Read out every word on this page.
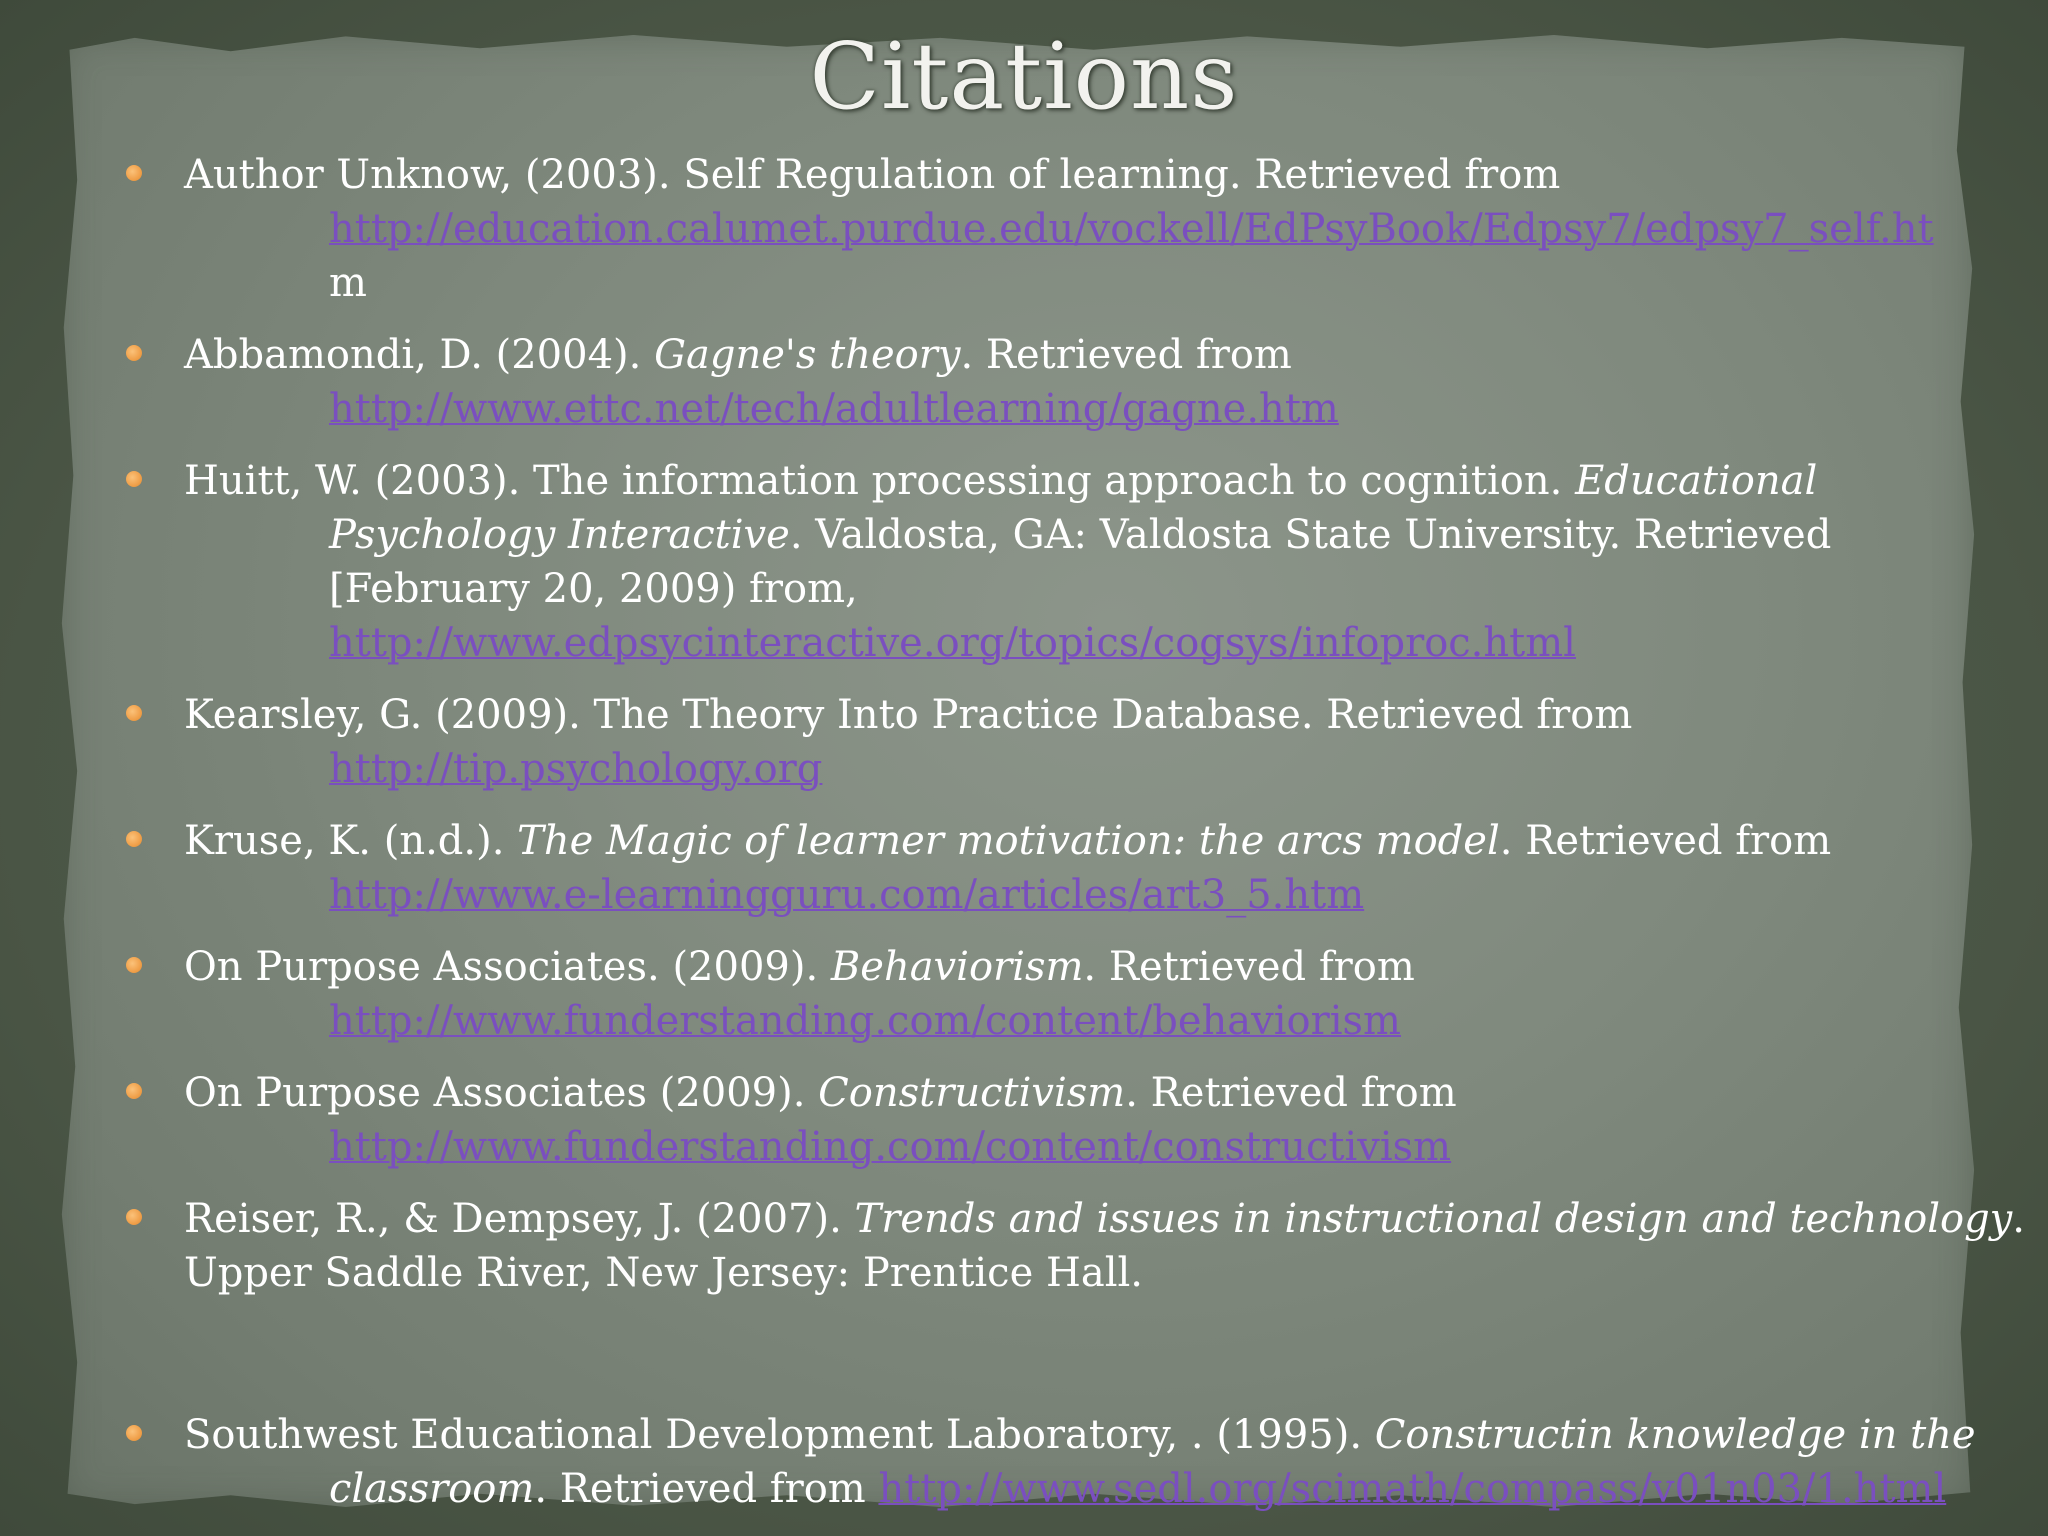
Citations
Author Unknow, (2003). Self Regulation of learning. Retrieved from
http://education.calumet.purdue.edu/vockell/EdPsyBook/Edpsy7/edpsy7_self.ht
m
Abbamondi, D. (2004). Gagne's theory. Retrieved from
http://www.ettc.net/tech/adultlearning/gagne.htm
Huitt, W. (2003). The information processing approach to cognition. Educational
Psychology Interactive. Valdosta, GA: Valdosta State University. Retrieved
[February 20, 2009) from,
http://www.edpsycinteractive.org/topics/cogsys/infoproc.html
Kearsley, G. (2009). The Theory Into Practice Database. Retrieved from
http://tip.psychology.org
Kruse, K. (n.d.). The Magic of learner motivation: the arcs model. Retrieved from
http://www.e-learningguru.com/articles/art3_5.htm
On Purpose Associates. (2009). Behaviorism. Retrieved from
http://www.funderstanding.com/content/behaviorism
On Purpose Associates (2009). Constructivism. Retrieved from
http://www.funderstanding.com/content/constructivism
Reiser, R., & Dempsey, J. (2007). Trends and issues in instructional design and technology.
Upper Saddle River, New Jersey: Prentice Hall.
Southwest Educational Development Laboratory, . (1995). Constructin knowledge in the
classroom. Retrieved from http://www.sedl.org/scimath/compass/v01n03/1.html
